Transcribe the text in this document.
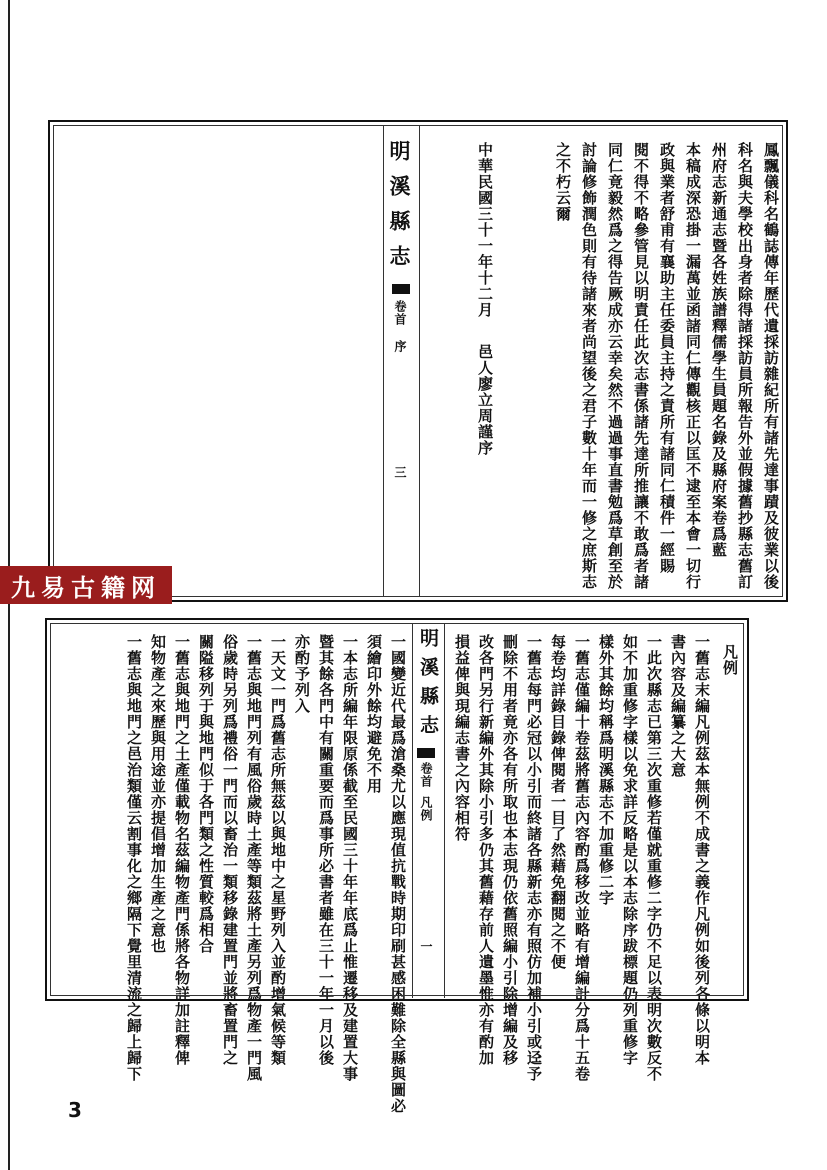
鳳飄儀科名鶴誌傳年歷代遺採訪雜紀所有諸先達事蹟及彼業以後
科名與夫學校出身者除得諸採訪員所報告外並假據舊抄縣志舊訂
州府志新通志暨各姓族譜釋儒學生員題名錄及縣府案卷爲藍
本稿成深恐掛一漏萬並函諸同仁傳觀核正以匡不逮至本會一切行
政與業者舒甫有襄助主任委員主持之責所有諸同仁積件一經賜
閱不得不略參管見以明責任此次志書係諸先達所推讓不敢爲者諸
同仁竟毅然爲之得告厥成亦云幸矣然不過過事直書勉爲草創至於
討論修飾潤色則有待諸來者尚望後之君子數十年而一修之庶斯志
之不朽云爾
中華民國三十一年十二月
邑人廖立周謹序
明溪縣志
卷首
序
三
九易古籍网
凡例
一舊志末編凡例茲本無例不成書之義作凡例如後列各條以明本
書內容及編纂之大意
一此次縣志已第三次重修若僅就重修二字仍不足以表明次數反不
如不加重修字樣以免求詳反略是以本志除序跋標題仍列重修字
樣外其餘均稱爲明溪縣志不加重修二字
一舊志僅編十卷茲將舊志內容酌爲移改並略有增編計分爲十五卷
每卷均詳錄目錄俾閱者一目了然藉免翻閱之不便
一舊志每門必冠以小引而終諸各縣新志亦有照仿加補小引或迳予
刪除不用者竟亦各有所取也本志現仍依舊照編小引除增編及移
改各門另行新編外其除小引多仍其舊藉存前人遺墨惟亦有酌加
損益俾與現編志書之內容相符
明溪縣志
卷首
凡例
一
一國變近代最爲滄桑尤以應現值抗戰時期印刷甚感困難除全縣與圖必
須繪印外餘均避免不用
一本志所編年限原係截至民國三十年年底爲止惟遷移及建置大事
暨其餘各門中有關重要而爲事所必書者雖在三十一年一月以後
亦酌予列入
一天文一門爲舊志所無茲以與地中之星野列入並酌增氣候等類
一舊志與地門列有風俗歲時土產等類茲將土產另列爲物產一門風
俗歲時另列爲禮俗一門而以畜治一類移錄建置門並將畜置門之
關隘移列于與地門似于各門類之性質較爲相合
一舊志與地門之土產僅載物名茲編物產門係將各物詳加註釋俾
知物產之來歷與用途並亦提倡增加生產之意也
一舊志與地門之邑治類僅云割事化之鄉隔下覺里清流之歸上歸下
3
